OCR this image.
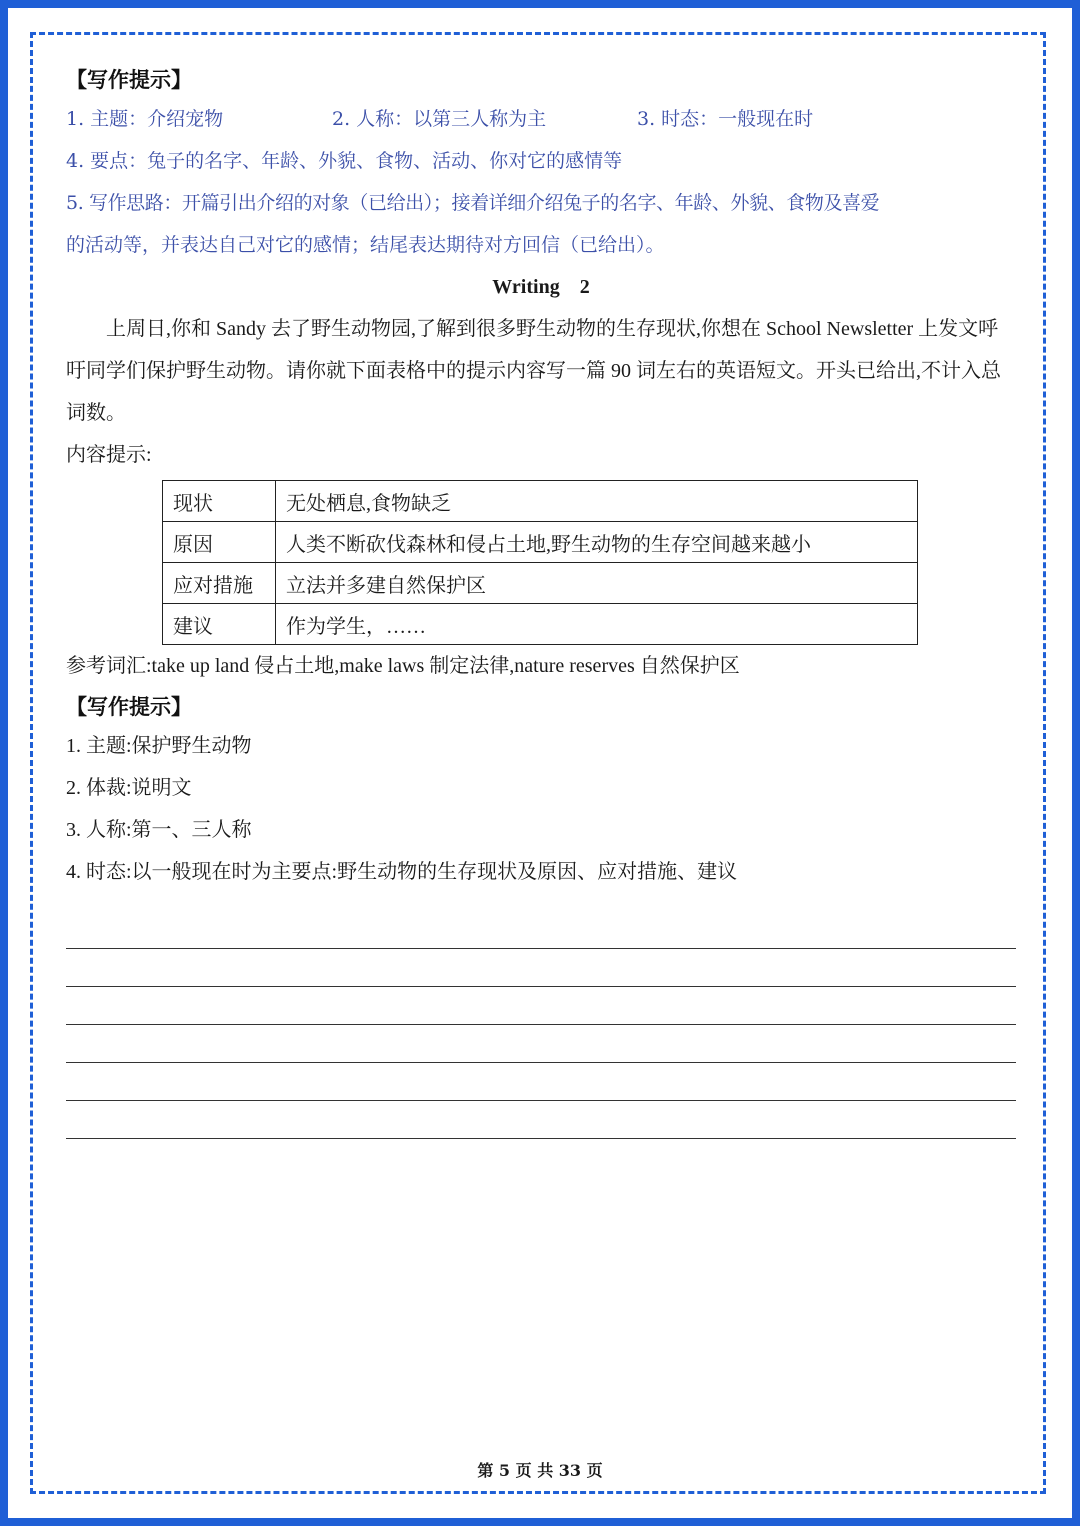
【写作提示】
1. 主题：介绍宠物	2. 人称：以第三人称为主	3. 时态：一般现在时
4. 要点：兔子的名字、年龄、外貌、食物、活动、你对它的感情等
5. 写作思路：开篇引出介绍的对象（已给出）；接着详细介绍兔子的名字、年龄、外貌、食物及喜爱
的活动等，并表达自己对它的感情；结尾表达期待对方回信（已给出）。
Writing　2
上周日,你和 Sandy 去了野生动物园,了解到很多野生动物的生存现状,你想在 School Newsletter 上发文呼吁同学们保护野生动物。请你就下面表格中的提示内容写一篇 90 词左右的英语短文。开头已给出,不计入总词数。
内容提示:
现状	无处栖息,食物缺乏
原因	人类不断砍伐森林和侵占土地,野生动物的生存空间越来越小
应对措施	立法并多建自然保护区
建议	作为学生，……
参考词汇:take up land 侵占土地,make laws 制定法律,nature reserves 自然保护区
【写作提示】
1. 主题:保护野生动物
2. 体裁:说明文
3. 人称:第一、三人称
4. 时态:以一般现在时为主要点:野生动物的生存现状及原因、应对措施、建议
第 5 页 共 33 页
